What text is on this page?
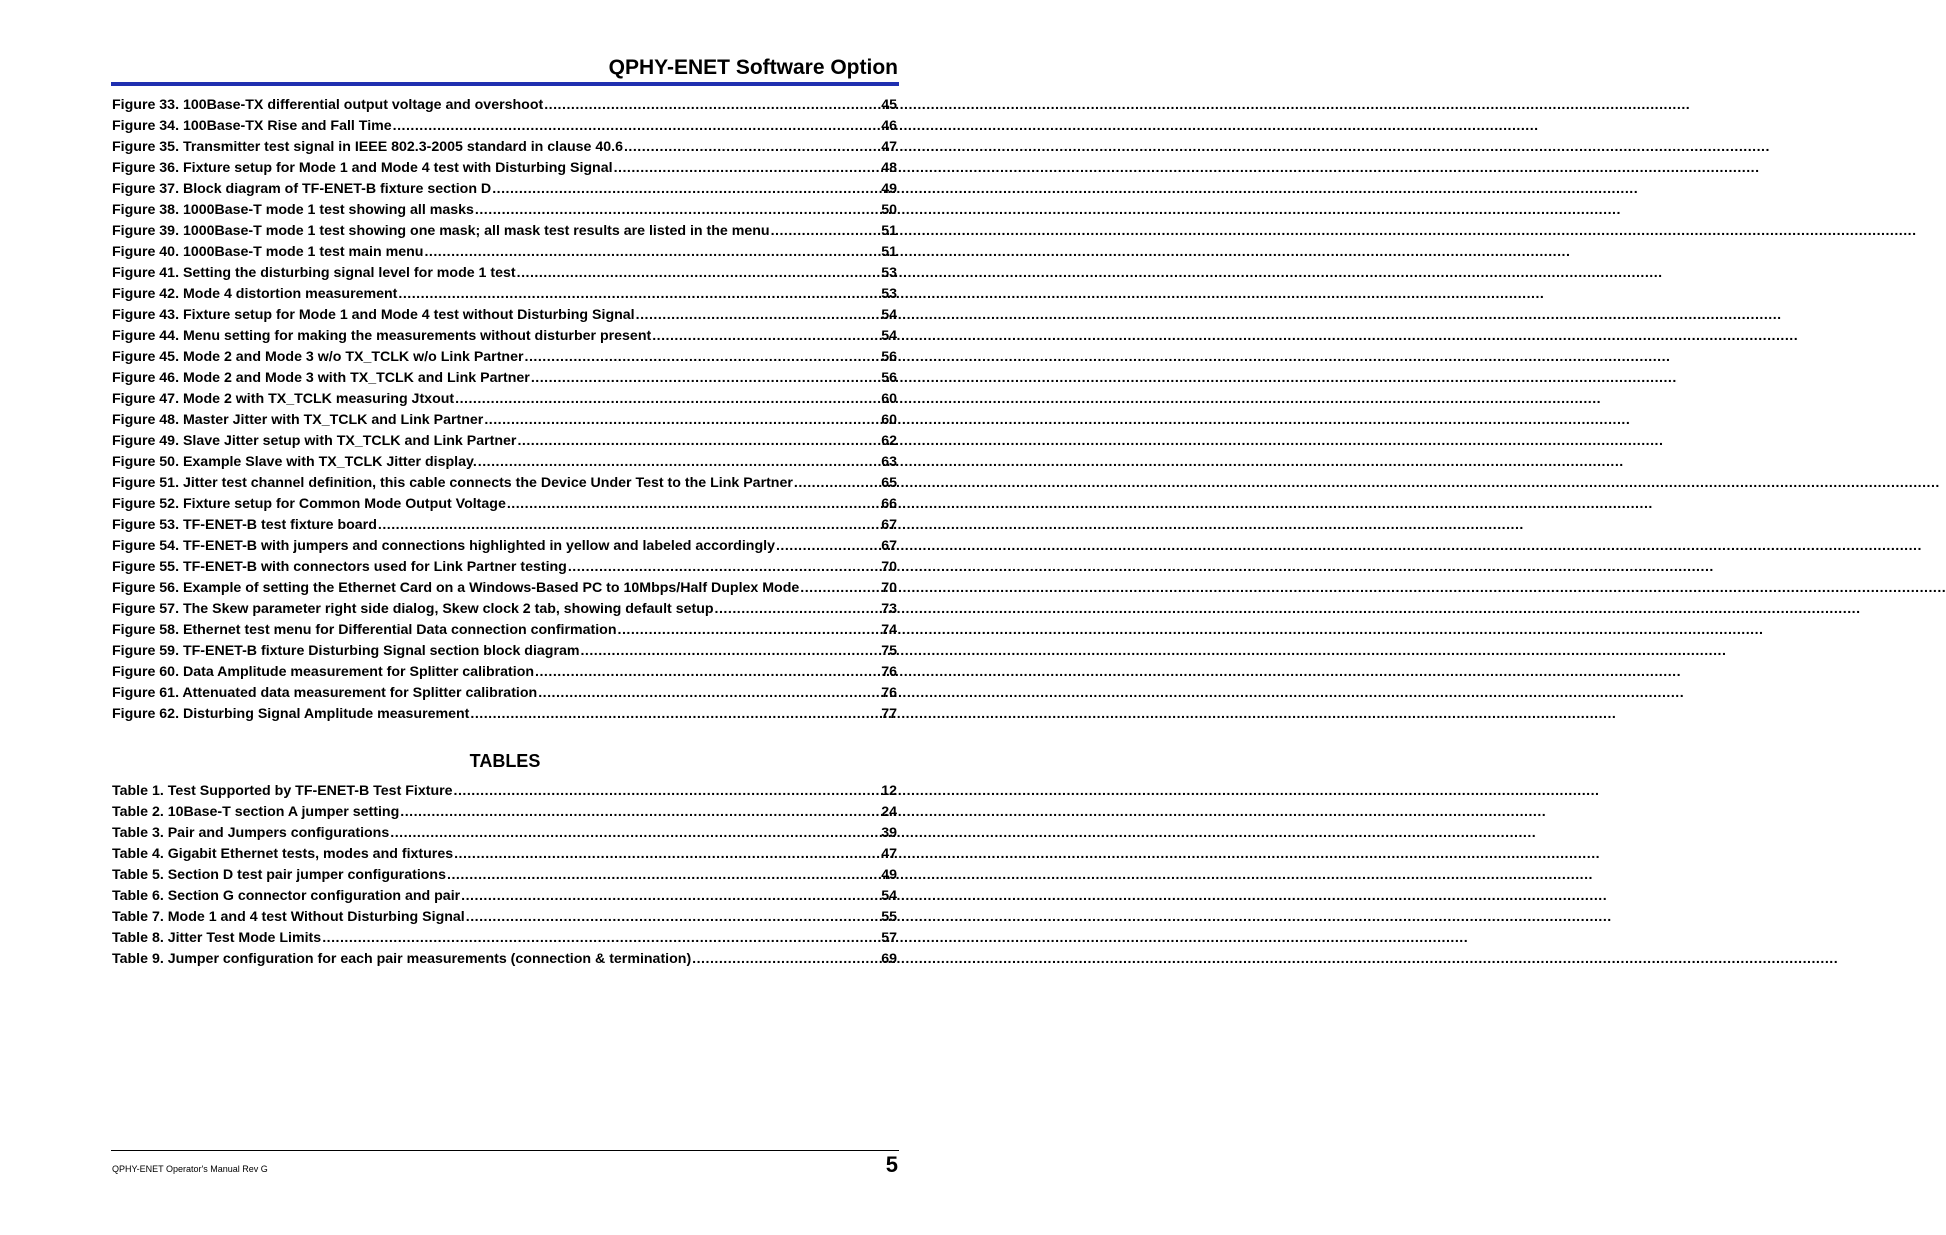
QPHY-ENET Software Option
Figure 33. 100Base-TX differential output voltage and overshoot .....	45
Figure 34. 100Base-TX Rise and Fall Time .....	46
Figure 35. Transmitter test signal in IEEE 802.3-2005 standard in clause 40.6 .....	47
Figure 36. Fixture setup for Mode 1 and Mode 4 test with Disturbing Signal .....	48
Figure 37. Block diagram of TF-ENET-B fixture section D .....	49
Figure 38. 1000Base-T mode 1 test showing all masks .....	50
Figure 39. 1000Base-T mode 1 test showing one mask; all mask test results are listed in the menu .....	51
Figure 40. 1000Base-T mode 1 test main menu .....	51
Figure 41. Setting the disturbing signal level for mode 1 test .....	53
Figure 42. Mode 4 distortion measurement .....	53
Figure 43. Fixture setup for Mode 1 and Mode 4 test without Disturbing Signal .....	54
Figure 44. Menu setting for making the measurements without disturber present .....	54
Figure 45. Mode 2 and Mode 3 w/o TX_TCLK w/o Link Partner .....	56
Figure 46. Mode 2 and Mode 3 with TX_TCLK and Link Partner .....	56
Figure 47. Mode 2 with TX_TCLK measuring Jtxout .....	60
Figure 48. Master Jitter with TX_TCLK and Link Partner .....	60
Figure 49. Slave Jitter setup with TX_TCLK and Link Partner .....	62
Figure 50. Example Slave with TX_TCLK Jitter display. .....	63
Figure 51. Jitter test channel definition, this cable connects the Device Under Test to the Link Partner .....	65
Figure 52. Fixture setup for Common Mode Output Voltage .....	66
Figure 53. TF-ENET-B test fixture board .....	67
Figure 54. TF-ENET-B with jumpers and connections highlighted in yellow and labeled accordingly .....	67
Figure 55. TF-ENET-B with connectors used for Link Partner testing .....	70
Figure 56. Example of setting the Ethernet Card on a Windows-Based PC to 10Mbps/Half Duplex Mode .....	70
Figure 57. The Skew parameter right side dialog, Skew clock 2 tab, showing default setup .....	73
Figure 58. Ethernet test menu for Differential Data connection confirmation .....	74
Figure 59. TF-ENET-B fixture Disturbing Signal section block diagram .....	75
Figure 60. Data Amplitude measurement for Splitter calibration .....	76
Figure 61. Attenuated data measurement for Splitter calibration .....	76
Figure 62. Disturbing Signal Amplitude measurement .....	77
TABLES
Table 1. Test Supported by TF-ENET-B Test Fixture .....	12
Table 2. 10Base-T section A jumper setting .....	24
Table 3. Pair and Jumpers configurations .....	39
Table 4. Gigabit Ethernet tests, modes and fixtures .....	47
Table 5. Section D test pair jumper configurations .....	49
Table 6. Section G connector configuration and pair .....	54
Table 7. Mode 1 and 4 test Without Disturbing Signal .....	55
Table 8. Jitter Test Mode Limits .....	57
Table 9. Jumper configuration for each pair measurements (connection & termination) .....	69
QPHY-ENET Operator's Manual Rev G	5
